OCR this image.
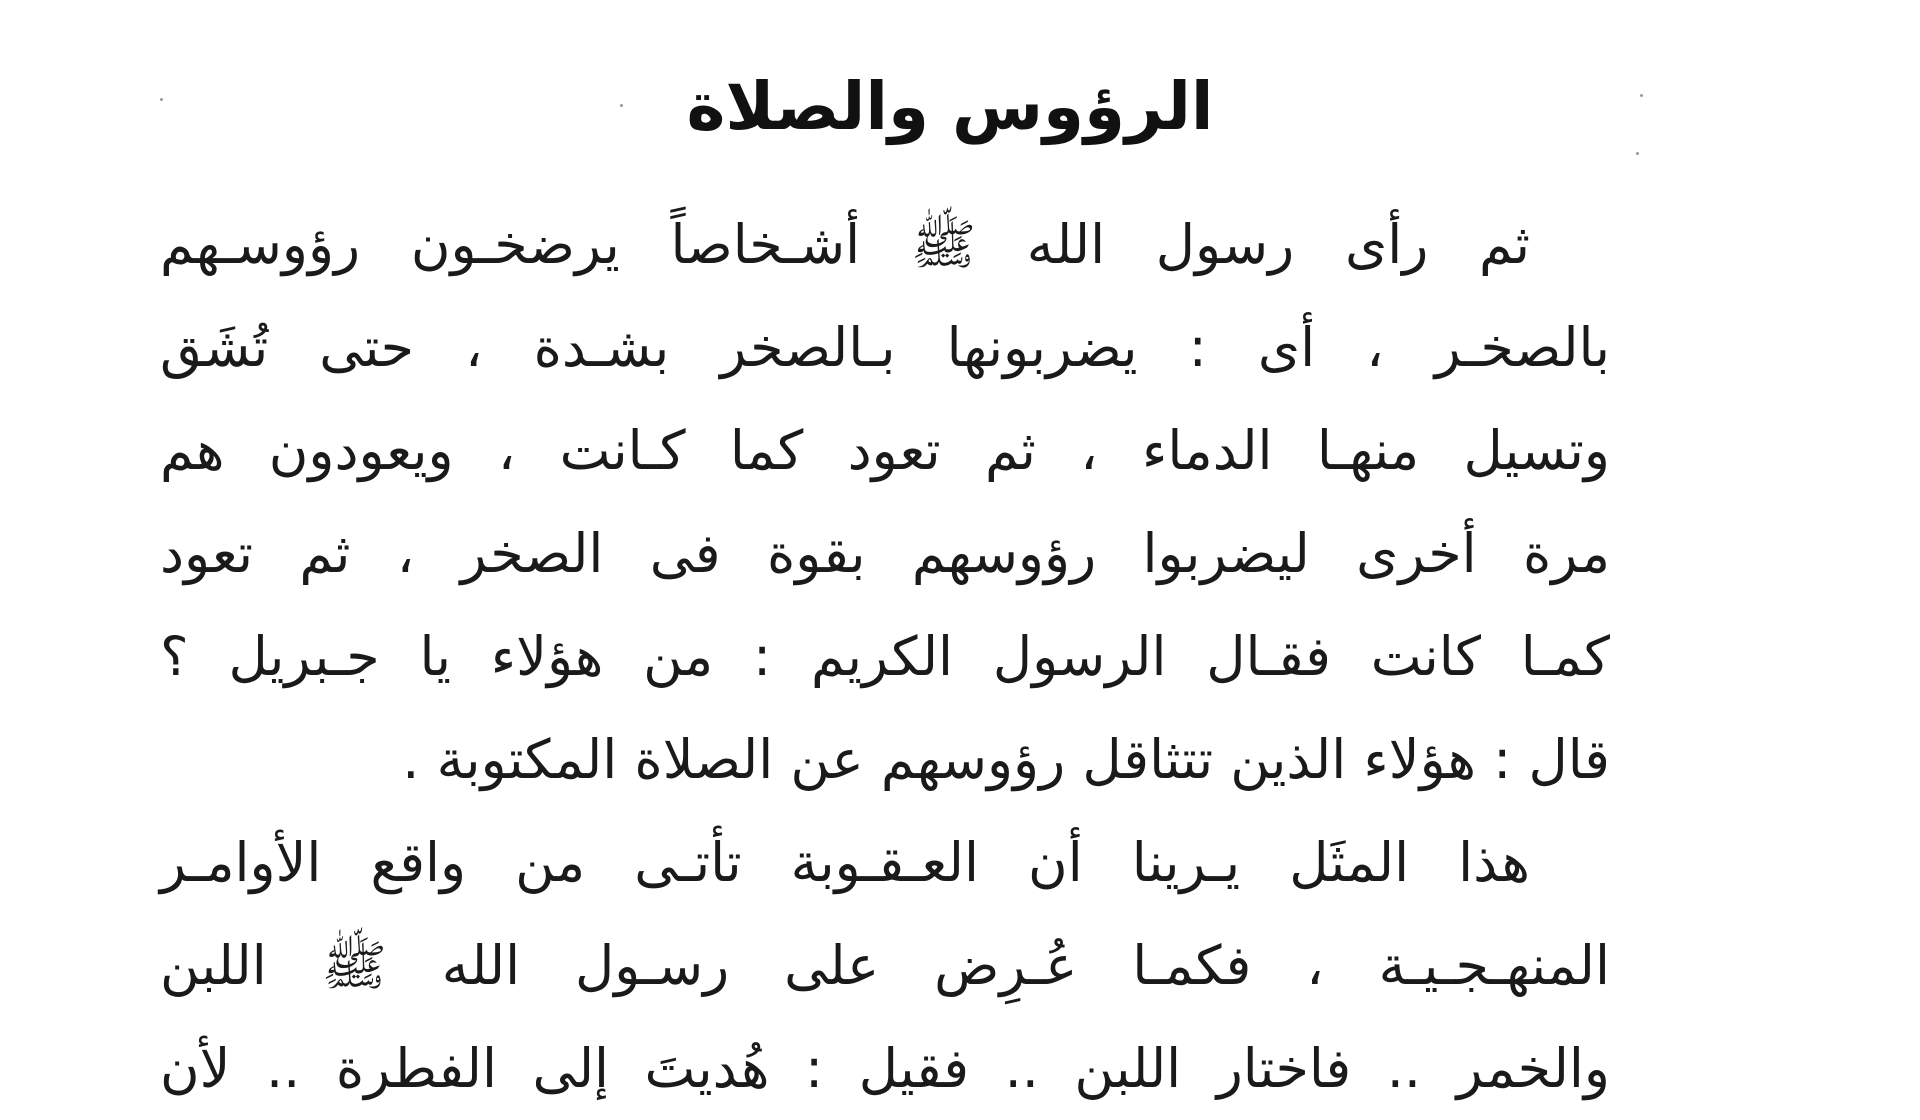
الرؤوس والصلاة
ثم رأى رسول الله ﷺ أشـخاصاً يرضخـون رؤوسـهم
بالصخـر ، أى : يضربونها بـالصخر بشـدة ، حتى تُشَق
وتسيل منهـا الدماء ، ثم تعود كما كـانت ، ويعودون هم
مرة أخرى ليضربوا رؤوسهم بقوة فى الصخر ، ثم تعود
كمـا كانت فقـال الرسول الكريم : من هؤلاء يا جـبريل ؟
قال : هؤلاء الذين تتثاقل رؤوسهم عن الصلاة المكتوبة .
هذا المثَل يـرينا أن العـقـوبة تأتـى من واقع الأوامـر
المنهـجـيـة ، فكمـا عُـرِض على رسـول الله ﷺ اللبن
والخمر .. فاختار اللبن .. فقيل : هُديتَ إلى الفطرة .. لأن
